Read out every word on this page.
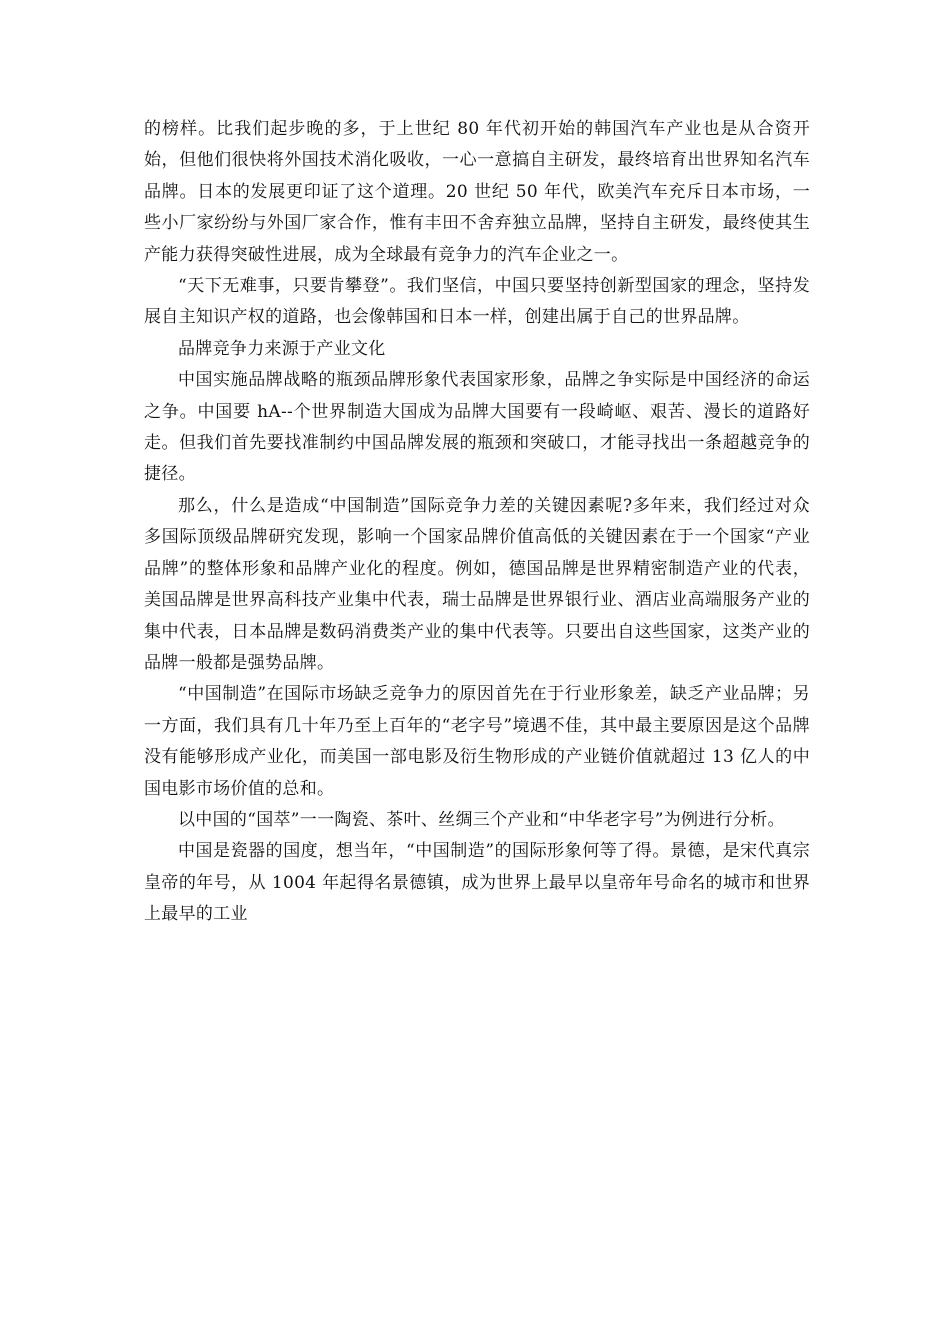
的榜样。比我们起步晚的多，于上世纪 80 年代初开始的韩国汽车产业也是从合资开始，但他们很快将外国技术消化吸收，一心一意搞自主研发，最终培育出世界知名汽车品牌。日本的发展更印证了这个道理。20 世纪 50 年代，欧美汽车充斥日本市场，一些小厂家纷纷与外国厂家合作，惟有丰田不舍弃独立品牌，坚持自主研发，最终使其生产能力获得突破性进展，成为全球最有竞争力的汽车企业之一。

“天下无难事，只要肯攀登”。我们坚信，中国只要坚持创新型国家的理念，坚持发展自主知识产权的道路，也会像韩国和日本一样，创建出属于自己的世界品牌。

品牌竞争力来源于产业文化

中国实施品牌战略的瓶颈品牌形象代表国家形象，品牌之争实际是中国经济的命运之争。中国要 hA--个世界制造大国成为品牌大国要有一段崎岖、艰苦、漫长的道路好走。但我们首先要找准制约中国品牌发展的瓶颈和突破口，才能寻找出一条超越竞争的捷径。

那么，什么是造成“中国制造”国际竞争力差的关键因素呢?多年来，我们经过对众多国际顶级品牌研究发现，影响一个国家品牌价值高低的关键因素在于一个国家“产业品牌”的整体形象和品牌产业化的程度。例如，德国品牌是世界精密制造产业的代表，美国品牌是世界高科技产业集中代表，瑞士品牌是世界银行业、酒店业高端服务产业的集中代表，日本品牌是数码消费类产业的集中代表等。只要出自这些国家，这类产业的品牌一般都是强势品牌。

“中国制造”在国际市场缺乏竞争力的原因首先在于行业形象差，缺乏产业品牌；另一方面，我们具有几十年乃至上百年的“老字号”境遇不佳，其中最主要原因是这个品牌没有能够形成产业化，而美国一部电影及衍生物形成的产业链价值就超过 13 亿人的中国电影市场价值的总和。

以中国的“国萃”一一陶瓷、茶叶、丝绸三个产业和“中华老字号”为例进行分析。

中国是瓷器的国度，想当年，“中国制造”的国际形象何等了得。景德，是宋代真宗皇帝的年号，从 1004 年起得名景德镇，成为世界上最早以皇帝年号命名的城市和世界上最早的工业
